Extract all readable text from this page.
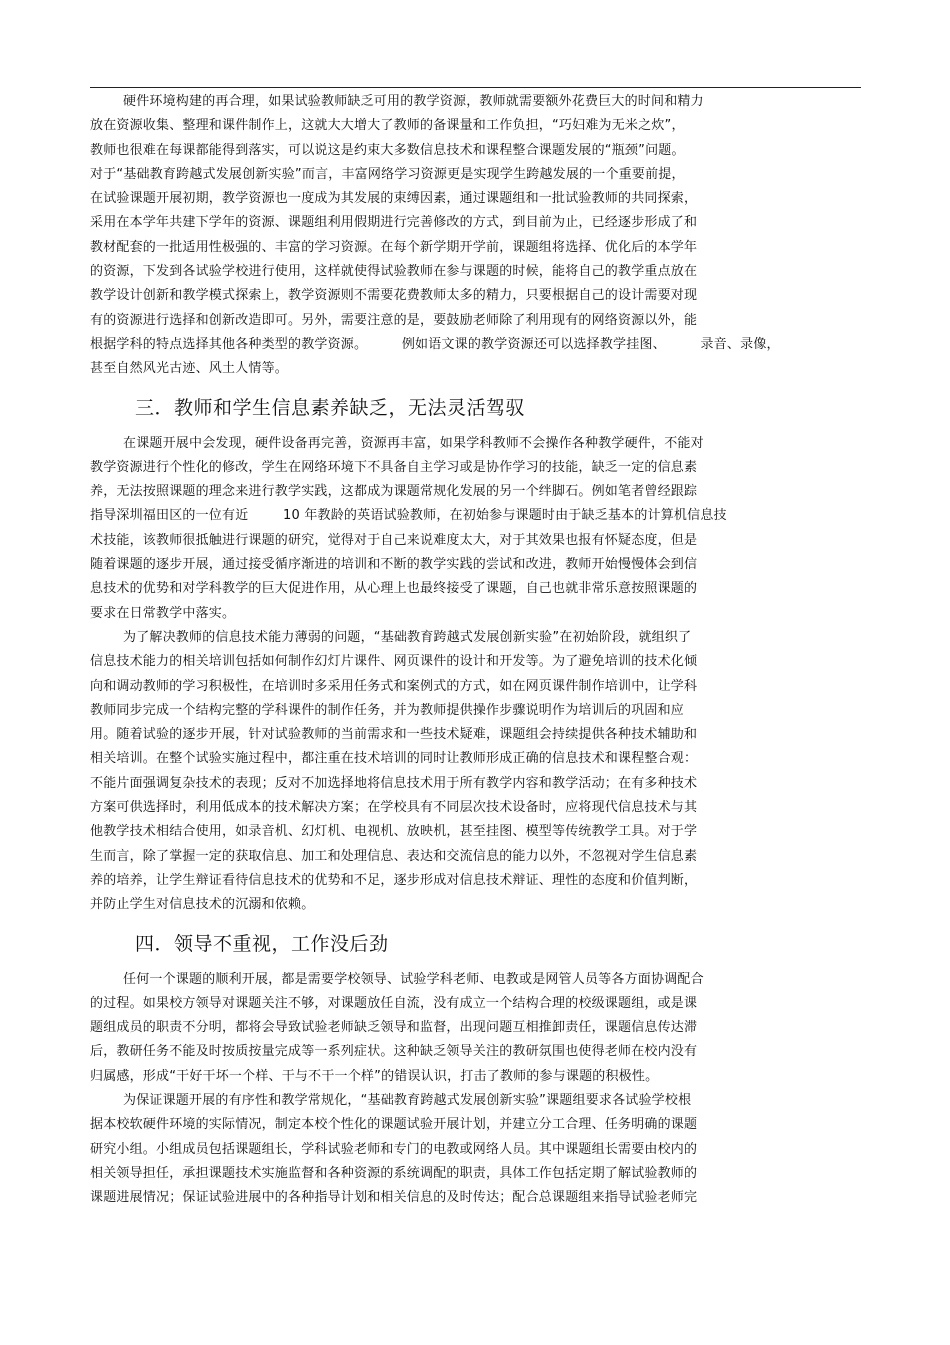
硬件环境构建的再合理，如果试验教师缺乏可用的教学资源，教师就需要额外花费巨大的时间和精力
放在资源收集、整理和课件制作上，这就大大增大了教师的备课量和工作负担，“巧妇难为无米之炊”，
教师也很难在每课都能得到落实，可以说这是约束大多数信息技术和课程整合课题发展的“瓶颈”问题。
对于“基础教育跨越式发展创新实验”而言，丰富网络学习资源更是实现学生跨越发展的一个重要前提，
在试验课题开展初期，教学资源也一度成为其发展的束缚因素，通过课题组和一批试验教师的共同探索，
采用在本学年共建下学年的资源、课题组利用假期进行完善修改的方式，到目前为止，已经逐步形成了和
教材配套的一批适用性极强的、丰富的学习资源。在每个新学期开学前，课题组将选择、优化后的本学年
的资源，下发到各试验学校进行使用，这样就使得试验教师在参与课题的时候，能将自己的教学重点放在
教学设计创新和教学模式探索上，教学资源则不需要花费教师太多的精力，只要根据自己的设计需要对现
有的资源进行选择和创新改造即可。另外，需要注意的是，要鼓励老师除了利用现有的网络资源以外，能
根据学科的特点选择其他各种类型的教学资源。        例如语文课的教学资源还可以选择教学挂图、        录音、录像，
甚至自然风光古迹、风土人情等。
三．教师和学生信息素养缺乏，无法灵活驾驭
在课题开展中会发现，硬件设备再完善，资源再丰富，如果学科教师不会操作各种教学硬件，不能对
教学资源进行个性化的修改，学生在网络环境下不具备自主学习或是协作学习的技能，缺乏一定的信息素
养，无法按照课题的理念来进行教学实践，这都成为课题常规化发展的另一个绊脚石。例如笔者曾经跟踪
指导深圳福田区的一位有近        10 年教龄的英语试验教师，在初始参与课题时由于缺乏基本的计算机信息技
术技能，该教师很抵触进行课题的研究，觉得对于自己来说难度太大，对于其效果也报有怀疑态度，但是
随着课题的逐步开展，通过接受循序渐进的培训和不断的教学实践的尝试和改进，教师开始慢慢体会到信
息技术的优势和对学科教学的巨大促进作用，从心理上也最终接受了课题，自己也就非常乐意按照课题的
要求在日常教学中落实。
为了解决教师的信息技术能力薄弱的问题，“基础教育跨越式发展创新实验”在初始阶段，就组织了
信息技术能力的相关培训包括如何制作幻灯片课件、网页课件的设计和开发等。为了避免培训的技术化倾
向和调动教师的学习积极性，在培训时多采用任务式和案例式的方式，如在网页课件制作培训中，让学科
教师同步完成一个结构完整的学科课件的制作任务，并为教师提供操作步骤说明作为培训后的巩固和应
用。随着试验的逐步开展，针对试验教师的当前需求和一些技术疑难，课题组会持续提供各种技术辅助和
相关培训。在整个试验实施过程中，都注重在技术培训的同时让教师形成正确的信息技术和课程整合观：
不能片面强调复杂技术的表现；反对不加选择地将信息技术用于所有教学内容和教学活动；在有多种技术
方案可供选择时，利用低成本的技术解决方案；在学校具有不同层次技术设备时，应将现代信息技术与其
他教学技术相结合使用，如录音机、幻灯机、电视机、放映机，甚至挂图、模型等传统教学工具。对于学
生而言，除了掌握一定的获取信息、加工和处理信息、表达和交流信息的能力以外，不忽视对学生信息素
养的培养，让学生辩证看待信息技术的优势和不足，逐步形成对信息技术辩证、理性的态度和价值判断，
并防止学生对信息技术的沉溺和依赖。
四．领导不重视，工作没后劲
任何一个课题的顺利开展，都是需要学校领导、试验学科老师、电教或是网管人员等各方面协调配合
的过程。如果校方领导对课题关注不够，对课题放任自流，没有成立一个结构合理的校级课题组，或是课
题组成员的职责不分明，都将会导致试验老师缺乏领导和监督，出现问题互相推卸责任，课题信息传达滞
后，教研任务不能及时按质按量完成等一系列症状。这种缺乏领导关注的教研氛围也使得老师在校内没有
归属感，形成“干好干坏一个样、干与不干一个样”的错误认识，打击了教师的参与课题的积极性。
为保证课题开展的有序性和教学常规化，“基础教育跨越式发展创新实验”课题组要求各试验学校根
据本校软硬件环境的实际情况，制定本校个性化的课题试验开展计划，并建立分工合理、任务明确的课题
研究小组。小组成员包括课题组长，学科试验老师和专门的电教或网络人员。其中课题组长需要由校内的
相关领导担任，承担课题技术实施监督和各种资源的系统调配的职责，具体工作包括定期了解试验教师的
课题进展情况；保证试验进展中的各种指导计划和相关信息的及时传达；配合总课题组来指导试验老师完
